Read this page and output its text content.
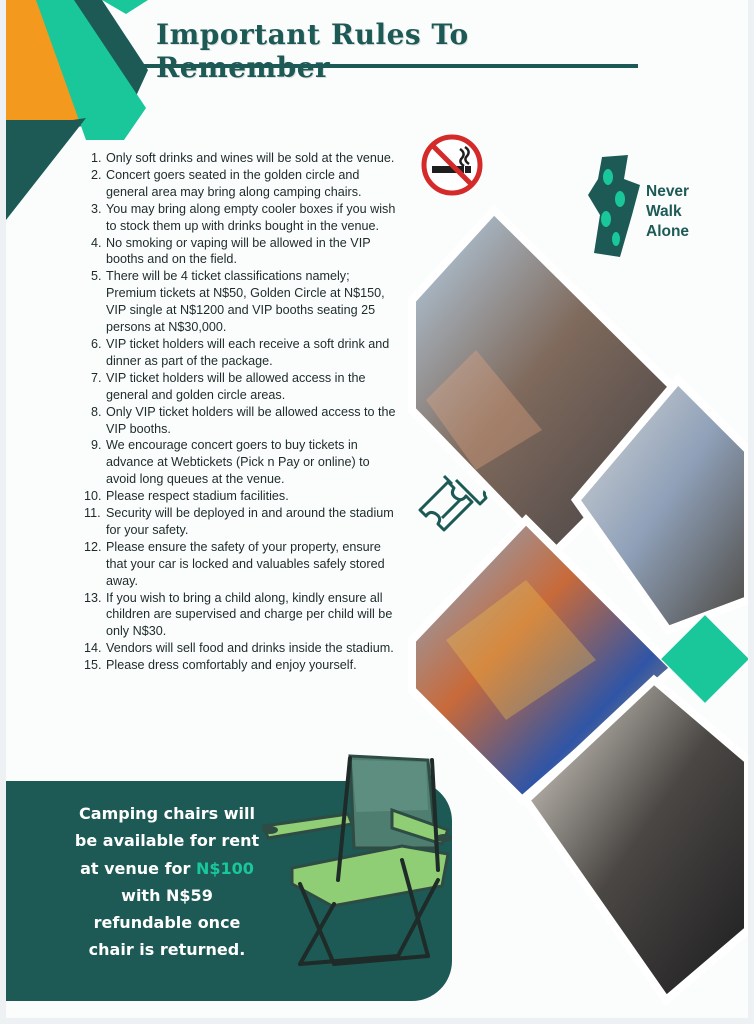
Important Rules To
1. Only soft drinks and wines will be sold at the venue.
2. Concert goers seated in the golden circle and general area may bring along camping chairs.
3. You may bring along empty cooler boxes if you wish to stock them up with drinks bought in the venue.
4. No smoking or vaping will be allowed in the VIP booths and on the field.
5. There will be 4 ticket classifications namely; Premium tickets at N$50, Golden Circle at N$150, VIP single at N$1200 and VIP booths seating 25 persons at N$30,000.
6. VIP ticket holders will each receive a soft drink and dinner as part of the package.
7. VIP ticket holders will be allowed access in the general and golden circle areas.
8. Only VIP ticket holders will be allowed access to the VIP booths.
9. We encourage concert goers to buy tickets in advance at Webtickets (Pick n Pay or online) to avoid long queues at the venue.
10. Please respect stadium facilities.
11. Security will be deployed in and around the stadium for your safety.
12. Please ensure the safety of your property, ensure that your car is locked and valuables safely stored away.
13. If you wish to bring a child along, kindly ensure all children are supervised and charge per child will be only N$30.
14. Vendors will sell food and drinks inside the stadium.
15. Please dress comfortably and enjoy yourself.
Never
Walk
Alone
Camping chairs will be available for rent at venue for N$100 with N$59 refundable once chair is returned.
